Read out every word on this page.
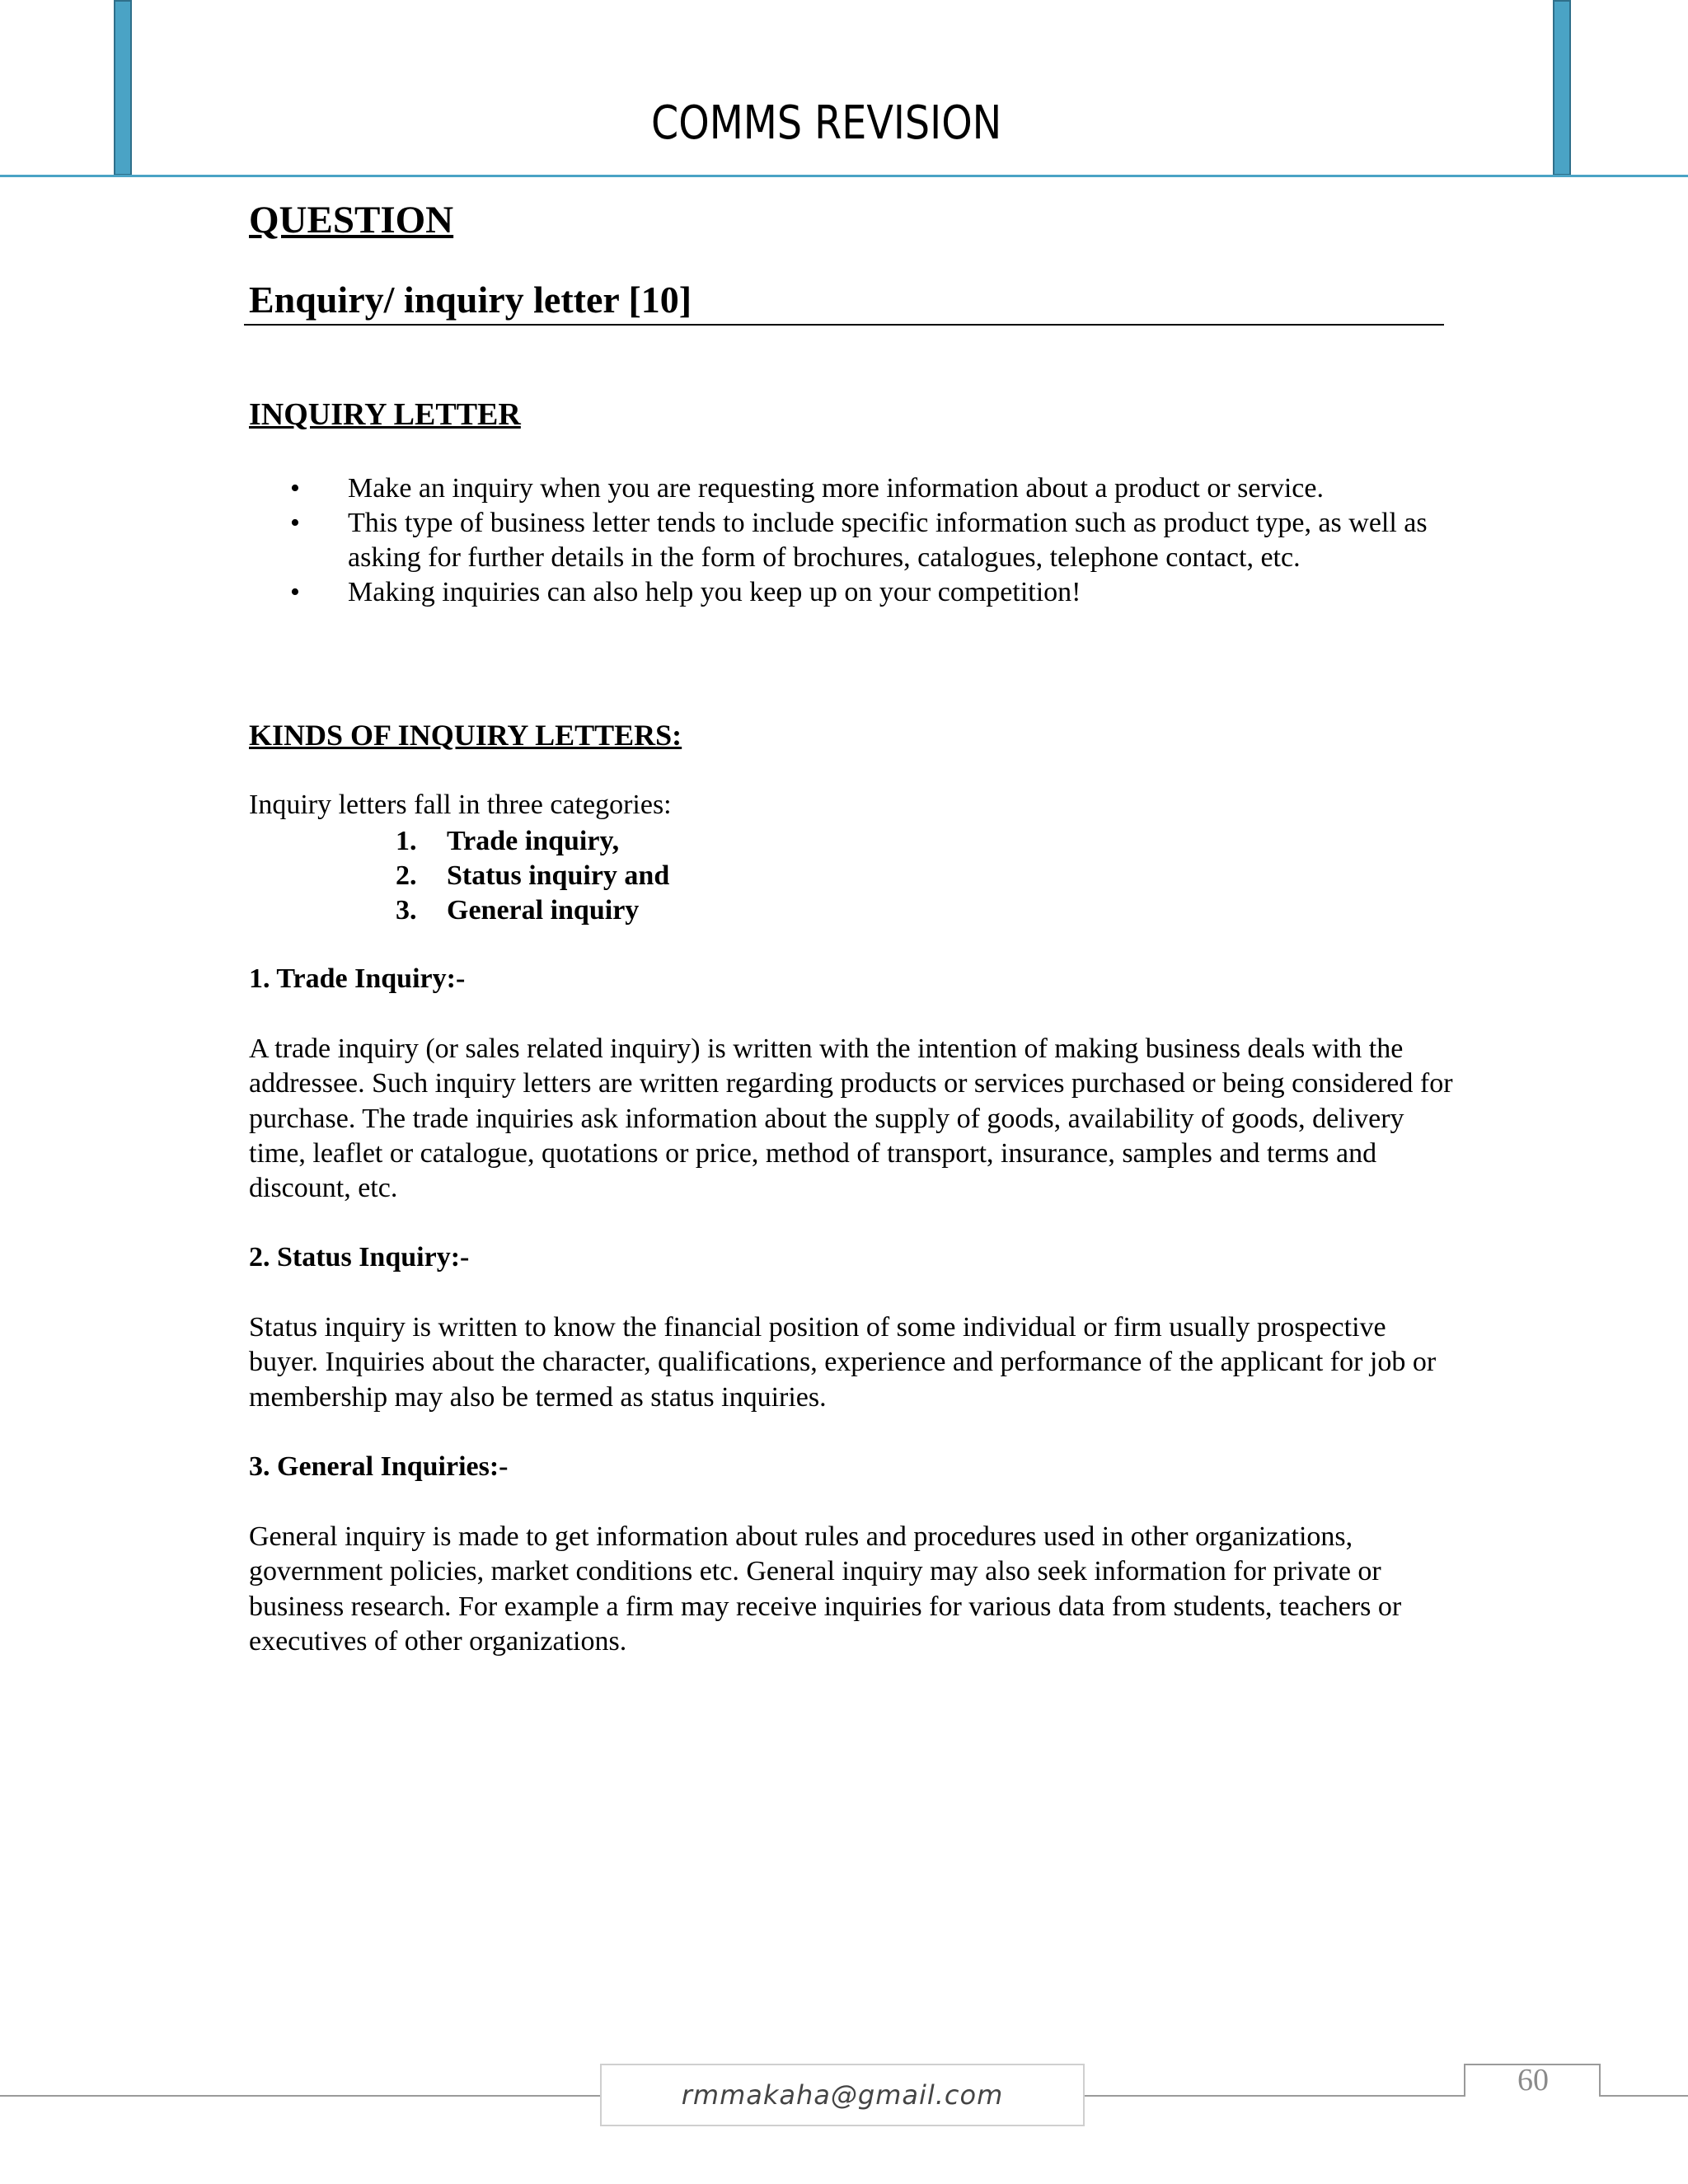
COMMS REVISION
QUESTION
Enquiry/ inquiry letter [10]
INQUIRY LETTER
• Make an inquiry when you are requesting more information about a product or service.
• This type of business letter tends to include specific information such as product type, as well as asking for further details in the form of brochures, catalogues, telephone contact, etc.
• Making inquiries can also help you keep up on your competition!
KINDS OF INQUIRY LETTERS:
Inquiry letters fall in three categories:
1. Trade inquiry,
2. Status inquiry and
3. General inquiry
1. Trade Inquiry:-
A trade inquiry (or sales related inquiry) is written with the intention of making business deals with the addressee. Such inquiry letters are written regarding products or services purchased or being considered for purchase. The trade inquiries ask information about the supply of goods, availability of goods, delivery time, leaflet or catalogue, quotations or price, method of transport, insurance, samples and terms and discount, etc.
2. Status Inquiry:-
Status inquiry is written to know the financial position of some individual or firm usually prospective buyer. Inquiries about the character, qualifications, experience and performance of the applicant for job or membership may also be termed as status inquiries.
3. General Inquiries:-
General inquiry is made to get information about rules and procedures used in other organizations, government policies, market conditions etc. General inquiry may also seek information for private or business research. For example a firm may receive inquiries for various data from students, teachers or executives of other organizations.
rmmakaha@gmail.com	60
